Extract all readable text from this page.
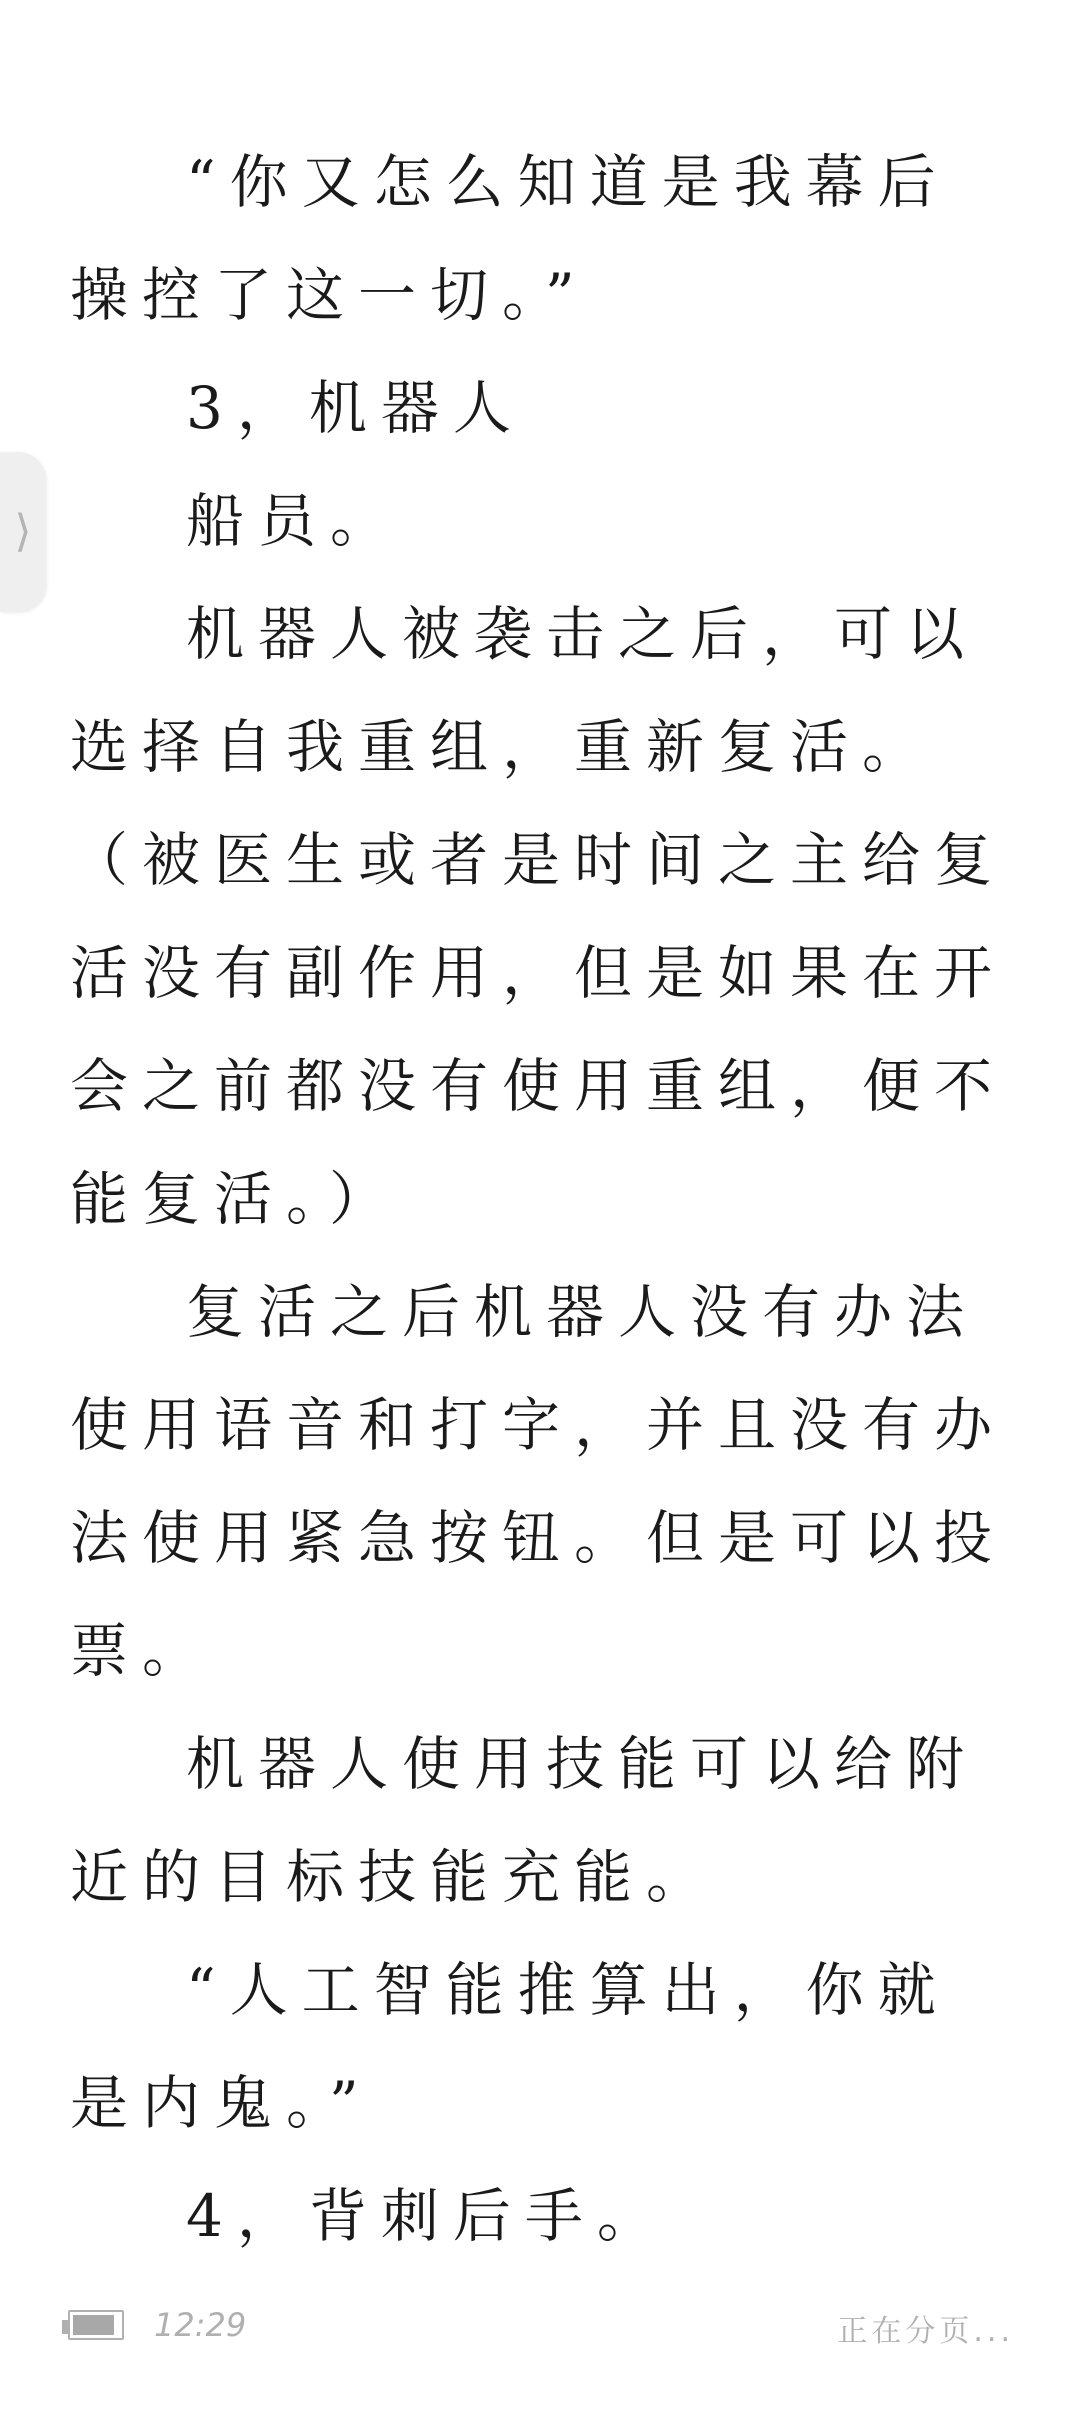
“你又怎么知道是我幕后操控了这一切。”

3，机器人

船员。

机器人被袭击之后，可以选择自我重组，重新复活。（被医生或者是时间之主给复活没有副作用，但是如果在开会之前都没有使用重组，便不能复活。）

复活之后机器人没有办法使用语音和打字，并且没有办法使用紧急按钮。但是可以投票。

机器人使用技能可以给附近的目标技能充能。

“人工智能推算出，你就是内鬼。”

4，背刺后手。

⟩
12:29	正在分页...
